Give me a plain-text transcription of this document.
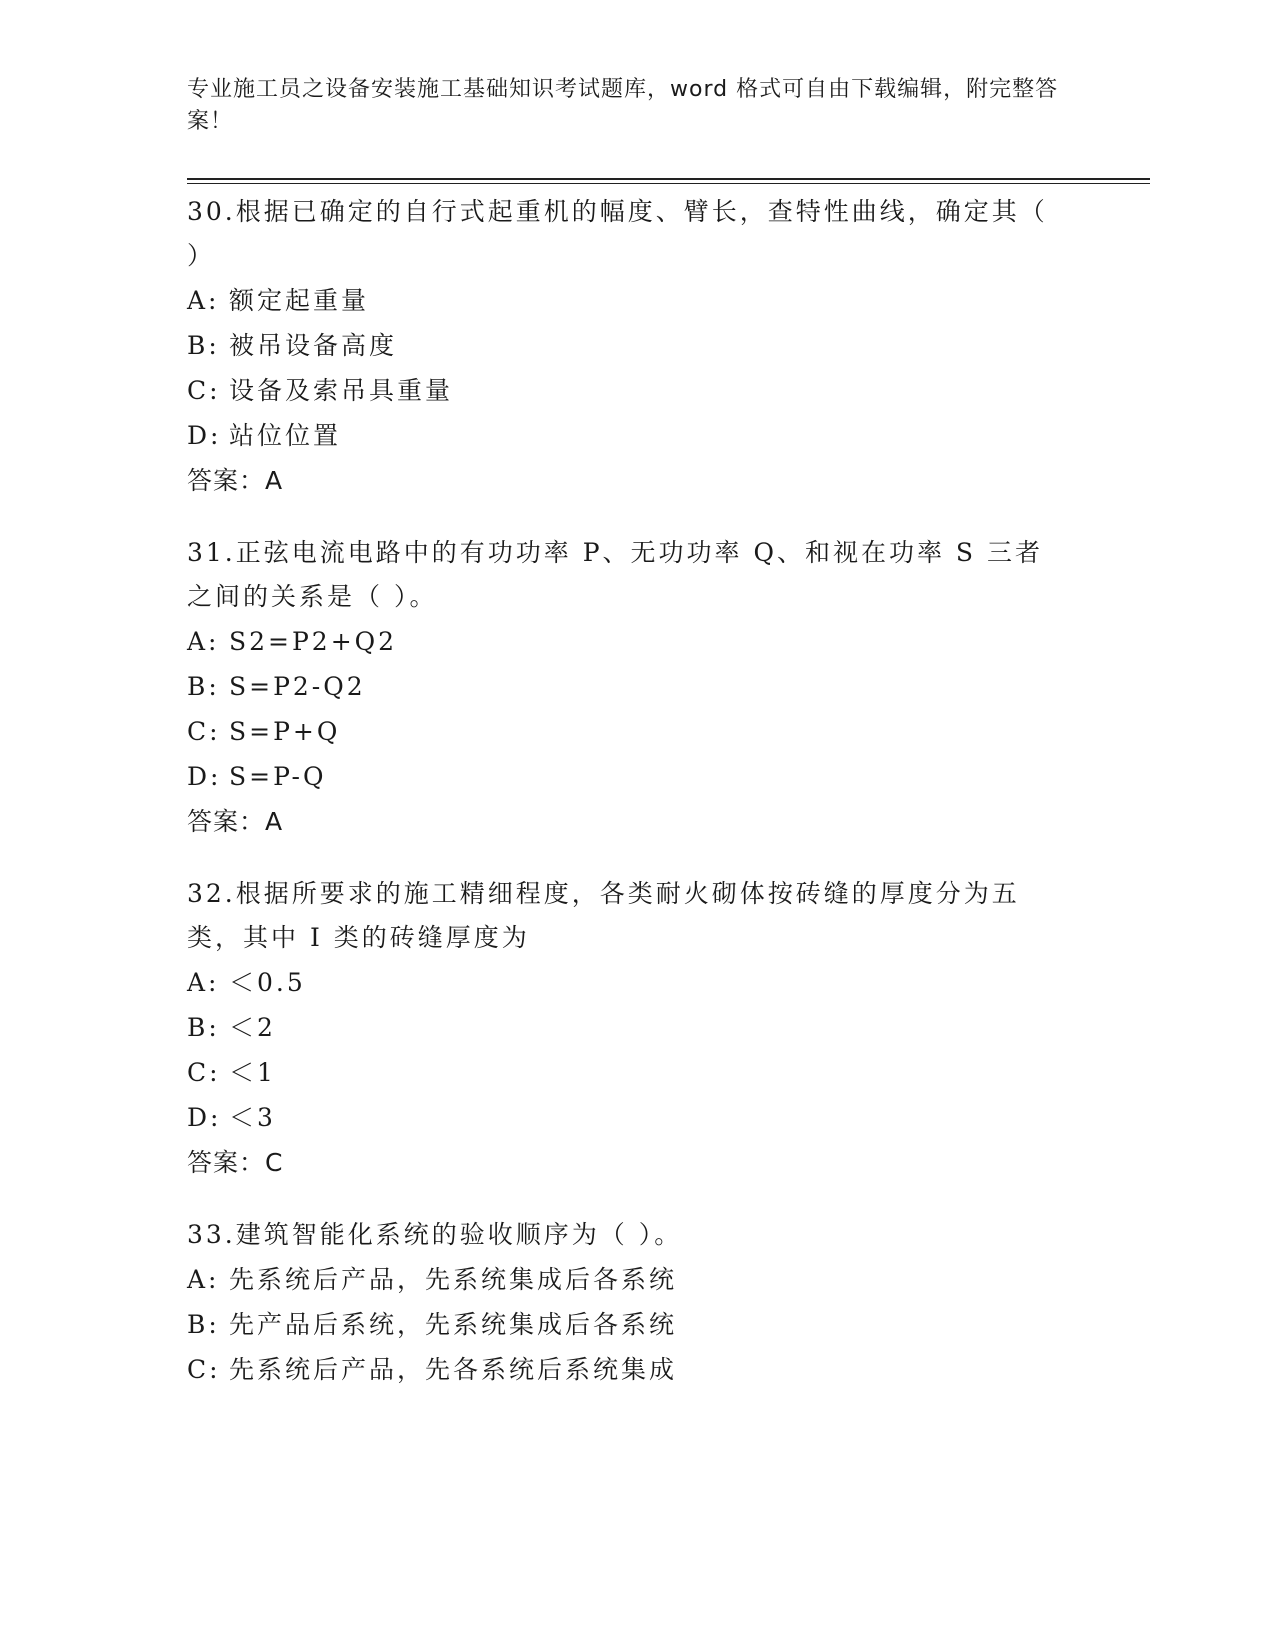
专业施工员之设备安装施工基础知识考试题库，word 格式可自由下载编辑，附完整答案！
30.根据已确定的自行式起重机的幅度、臂长，查特性曲线，确定其（ ）
A: 额定起重量
B: 被吊设备高度
C: 设备及索吊具重量
D: 站位位置
答案：A
31.正弦电流电路中的有功功率 P、无功功率 Q、和视在功率 S 三者之间的关系是（ ）。
A: S2=P2+Q2
B: S=P2-Q2
C: S=P+Q
D: S=P-Q
答案：A
32.根据所要求的施工精细程度，各类耐火砌体按砖缝的厚度分为五类，其中 I 类的砖缝厚度为
A: ＜0.5
B: ＜2
C: ＜1
D: ＜3
答案：C
33.建筑智能化系统的验收顺序为（ ）。
A: 先系统后产品，先系统集成后各系统
B: 先产品后系统，先系统集成后各系统
C: 先系统后产品，先各系统后系统集成
